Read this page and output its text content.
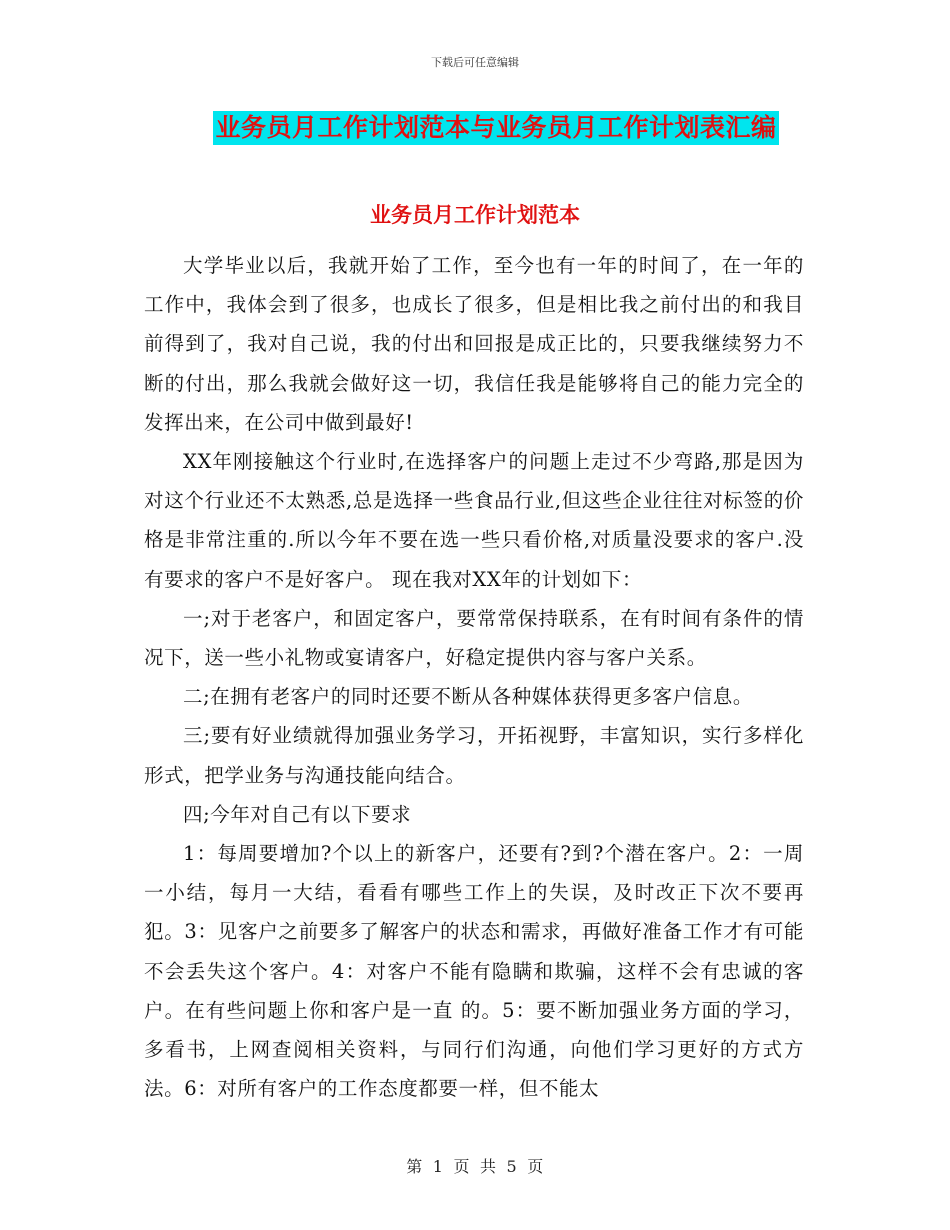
下载后可任意编辑
业务员月工作计划范本与业务员月工作计划表汇编
业务员月工作计划范本

大学毕业以后，我就开始了工作，至今也有一年的时间了，在一年的工作中，我体会到了很多，也成长了很多，但是相比我之前付出的和我目前得到了，我对自己说，我的付出和回报是成正比的，只要我继续努力不断的付出，那么我就会做好这一切，我信任我是能够将自己的能力完全的发挥出来，在公司中做到最好!

XX年刚接触这个行业时,在选择客户的问题上走过不少弯路,那是因为对这个行业还不太熟悉,总是选择一些食品行业,但这些企业往往对标签的价格是非常注重的.所以今年不要在选一些只看价格,对质量没要求的客户.没有要求的客户不是好客户。 现在我对XX年的计划如下：

一;对于老客户，和固定客户，要常常保持联系，在有时间有条件的情况下，送一些小礼物或宴请客户，好稳定提供内容与客户关系。

二;在拥有老客户的同时还要不断从各种媒体获得更多客户信息。

三;要有好业绩就得加强业务学习，开拓视野，丰富知识，实行多样化形式，把学业务与沟通技能向结合。

四;今年对自己有以下要求

1：每周要增加?个以上的新客户，还要有?到?个潜在客户。2：一周一小结，每月一大结，看看有哪些工作上的失误，及时改正下次不要再犯。3：见客户之前要多了解客户的状态和需求，再做好准备工作才有可能不会丢失这个客户。4：对客户不能有隐瞒和欺骗，这样不会有忠诚的客户。在有些问题上你和客户是一直 的。5：要不断加强业务方面的学习，多看书，上网查阅相关资料，与同行们沟通，向他们学习更好的方式方法。6：对所有客户的工作态度都要一样，但不能太

第 1 页 共 5 页
